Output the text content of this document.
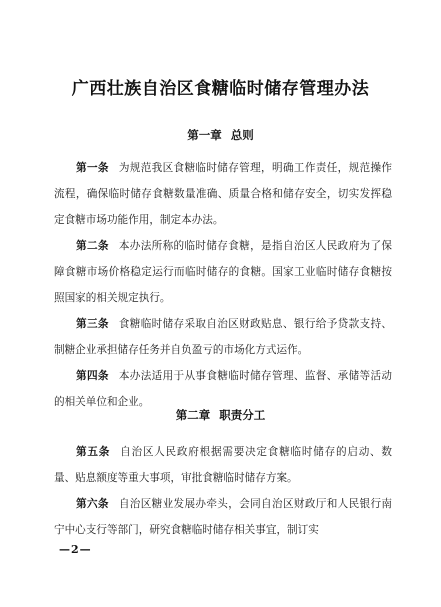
广西壮族自治区食糖临时储存管理办法
第一章 总则
第一条 为规范我区食糖临时储存管理，明确工作责任，规范操作流程，确保临时储存食糖数量准确、质量合格和储存安全，切实发挥稳定食糖市场功能作用，制定本办法。
第二条 本办法所称的临时储存食糖，是指自治区人民政府为了保障食糖市场价格稳定运行而临时储存的食糖。国家工业临时储存食糖按照国家的相关规定执行。
第三条 食糖临时储存采取自治区财政贴息、银行给予贷款支持、制糖企业承担储存任务并自负盈亏的市场化方式运作。
第四条 本办法适用于从事食糖临时储存管理、监督、承储等活动的相关单位和企业。
第二章 职责分工
第五条 自治区人民政府根据需要决定食糖临时储存的启动、数量、贴息额度等重大事项，审批食糖临时储存方案。
第六条 自治区糖业发展办牵头，会同自治区财政厅和人民银行南宁中心支行等部门，研究食糖临时储存相关事宜，制订实
—2—
